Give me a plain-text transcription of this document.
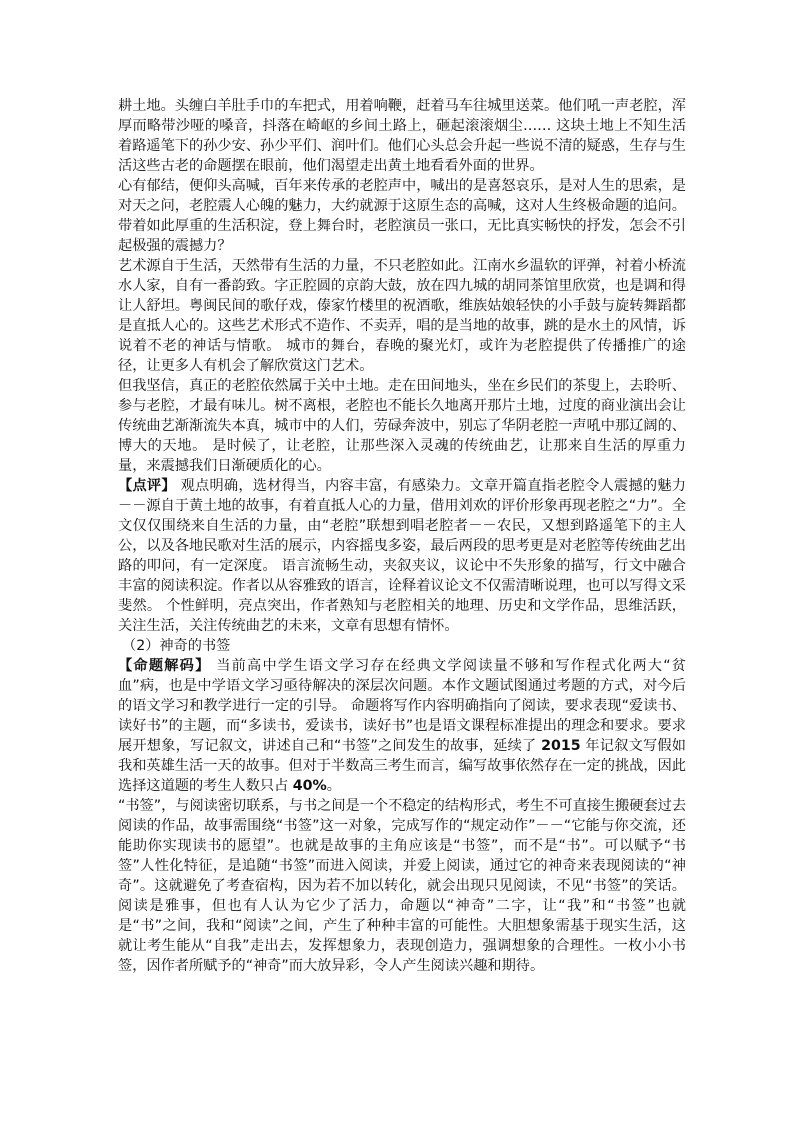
耕土地。头缠白羊肚手巾的车把式，用着响鞭，赶着马车往城里送菜。他们吼一声老腔，浑厚而略带沙哑的嗓音，抖落在崎岖的乡间土路上，砸起滚滚烟尘…… 这块土地上不知生活着路遥笔下的孙少安、孙少平们、润叶们。他们心头总会升起一些说不清的疑惑，生存与生活这些古老的命题摆在眼前，他们渴望走出黄土地看看外面的世界。

心有郁结，便仰头高喊，百年来传承的老腔声中，喊出的是喜怒哀乐，是对人生的思索，是对天之问，老腔震人心魄的魅力，大约就源于这原生态的高喊，这对人生终极命题的追问。带着如此厚重的生活积淀，登上舞台时，老腔演员一张口，无比真实畅快的抒发，怎会不引起极强的震撼力？

艺术源自于生活，天然带有生活的力量，不只老腔如此。江南水乡温软的评弹，衬着小桥流水人家，自有一番韵致。字正腔圆的京韵大鼓，放在四九城的胡同茶馆里欣赏，也是调和得让人舒坦。粤闽民间的歌仔戏，傣家竹楼里的祝酒歌，维族姑娘轻快的小手鼓与旋转舞蹈都是直抵人心的。这些艺术形式不造作、不卖弄，唱的是当地的故事，跳的是水土的风情，诉说着不老的神话与情歌。 城市的舞台，春晚的聚光灯，或许为老腔提供了传播推广的途径，让更多人有机会了解欣赏这门艺术。

但我坚信，真正的老腔依然属于关中土地。走在田间地头，坐在乡民们的茶叟上，去聆听、参与老腔，才最有味儿。树不离根，老腔也不能长久地离开那片土地，过度的商业演出会让传统曲艺渐渐流失本真，城市中的人们，劳碌奔波中，别忘了华阴老腔一声吼中那辽阔的、博大的天地。 是时候了，让老腔，让那些深入灵魂的传统曲艺，让那来自生活的厚重力量，来震撼我们日渐硬质化的心。

【点评】 观点明确，选材得当，内容丰富，有感染力。文章开篇直指老腔令人震撼的魅力－－源自于黄土地的故事，有着直抵人心的力量，借用刘欢的评价形象再现老腔之“力”。全文仅仅围绕来自生活的力量，由“老腔”联想到唱老腔者－－农民，又想到路遥笔下的主人公，以及各地民歌对生活的展示，内容摇曳多姿，最后两段的思考更是对老腔等传统曲艺出路的叩问，有一定深度。 语言流畅生动，夹叙夹议，议论中不失形象的描写，行文中融合丰富的阅读积淀。作者以从容雅致的语言，诠释着议论文不仅需清晰说理，也可以写得文采斐然。 个性鲜明，亮点突出，作者熟知与老腔相关的地理、历史和文学作品，思维活跃，关注生活，关注传统曲艺的未来，文章有思想有情怀。

（2）神奇的书签

【命题解码】 当前高中学生语文学习存在经典文学阅读量不够和写作程式化两大“贫血”病，也是中学语文学习亟待解决的深层次问题。本作文题试图通过考题的方式，对今后的语文学习和教学进行一定的引导。 命题将写作内容明确指向了阅读，要求表现“爱读书、读好书”的主题，而“多读书，爱读书，读好书”也是语文课程标准提出的理念和要求。要求展开想象，写记叙文，讲述自己和“书签”之间发生的故事，延续了 2015 年记叙文写假如我和英雄生活一天的故事。但对于半数高三考生而言，编写故事依然存在一定的挑战，因此选择这道题的考生人数只占 40%。

“书签”，与阅读密切联系，与书之间是一个不稳定的结构形式，考生不可直接生搬硬套过去阅读的作品，故事需围绕“书签”这一对象，完成写作的“规定动作”－－“它能与你交流，还能助你实现读书的愿望”。也就是故事的主角应该是“书签”，而不是“书”。可以赋予“书签”人性化特征，是追随“书签”而进入阅读，并爱上阅读，通过它的神奇来表现阅读的“神奇”。这就避免了考查宿构，因为若不加以转化，就会出现只见阅读，不见“书签”的笑话。 阅读是雅事，但也有人认为它少了活力，命题以“神奇”二字，让“我”和“书签”也就是“书”之间，我和“阅读”之间，产生了种种丰富的可能性。大胆想象需基于现实生活，这就让考生能从“自我”走出去，发挥想象力，表现创造力，强调想象的合理性。一枚小小书签，因作者所赋予的“神奇”而大放异彩，令人产生阅读兴趣和期待。
